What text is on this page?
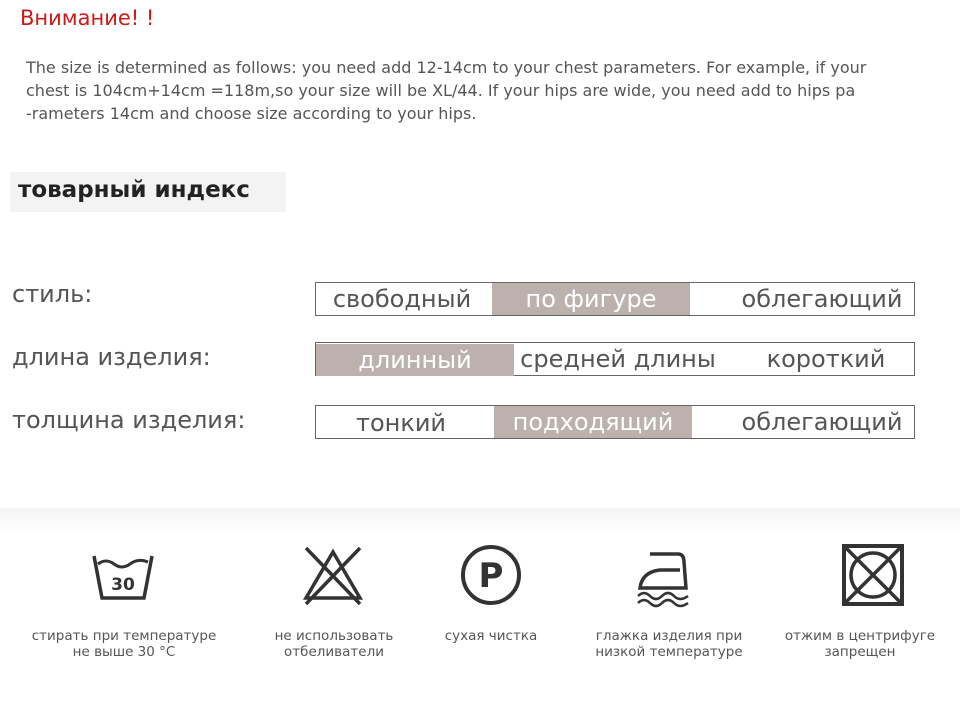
Внимание! !
The size is determined as follows: you need add 12-14cm to your chest parameters. For example, if your
chest is 104cm+14cm =118m,so your size will be XL/44. If your hips are wide, you need add to hips pa
-rameters 14cm and choose size according to your hips.
товарный индекс
стиль:	свободный	по фигуре	облегающий
длина изделия:	длинный	средней длины	короткий
толщина изделия:	тонкий	подходящий	облегающий
30	P
стирать при температуре
не выше 30 °С
не использовать
отбеливатели
сухая чистка	глажка изделия при
низкой температуре
отжим в центрифуге
запрещен
